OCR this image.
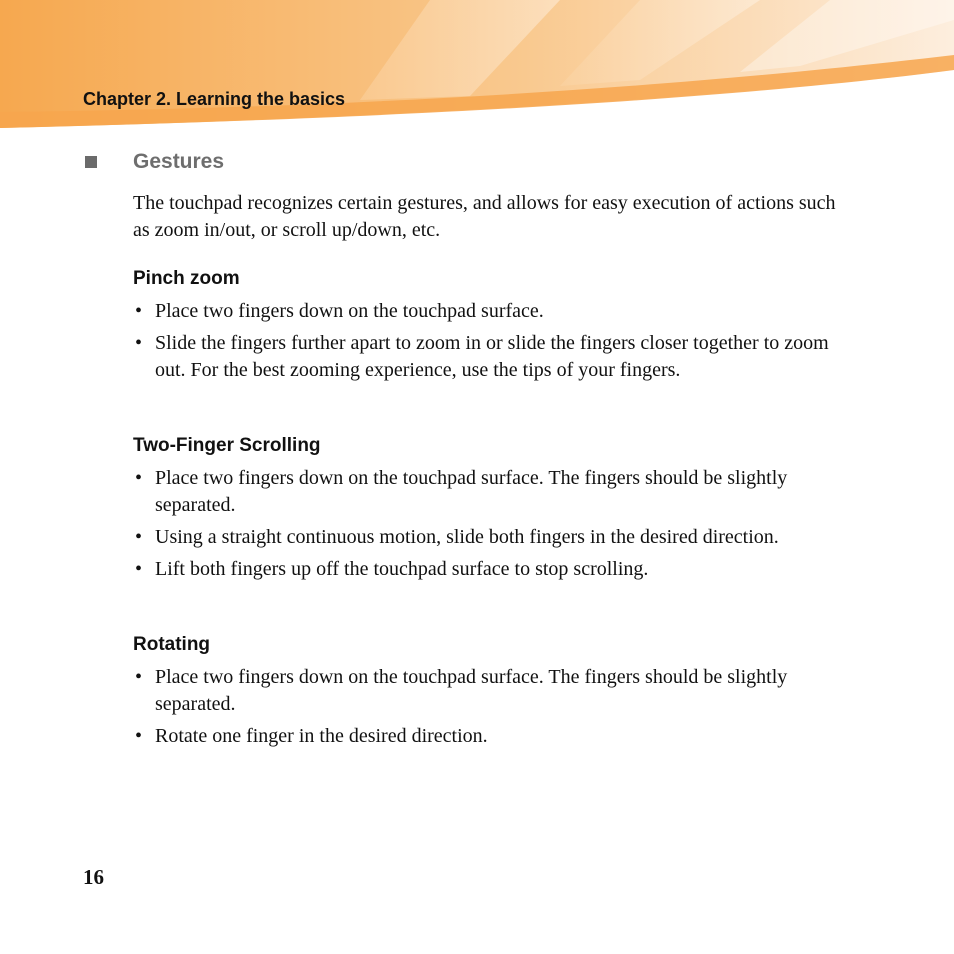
Chapter 2. Learning the basics
Gestures

The touchpad recognizes certain gestures, and allows for easy execution of actions such as zoom in/out, or scroll up/down, etc.

Pinch zoom
• Place two fingers down on the touchpad surface.
• Slide the fingers further apart to zoom in or slide the fingers closer together to zoom out. For the best zooming experience, use the tips of your fingers.
Two-Finger Scrolling
• Place two fingers down on the touchpad surface. The fingers should be slightly separated.
• Using a straight continuous motion, slide both fingers in the desired direction.
• Lift both fingers up off the touchpad surface to stop scrolling.
Rotating
• Place two fingers down on the touchpad surface. The fingers should be slightly separated.
• Rotate one finger in the desired direction.
16
